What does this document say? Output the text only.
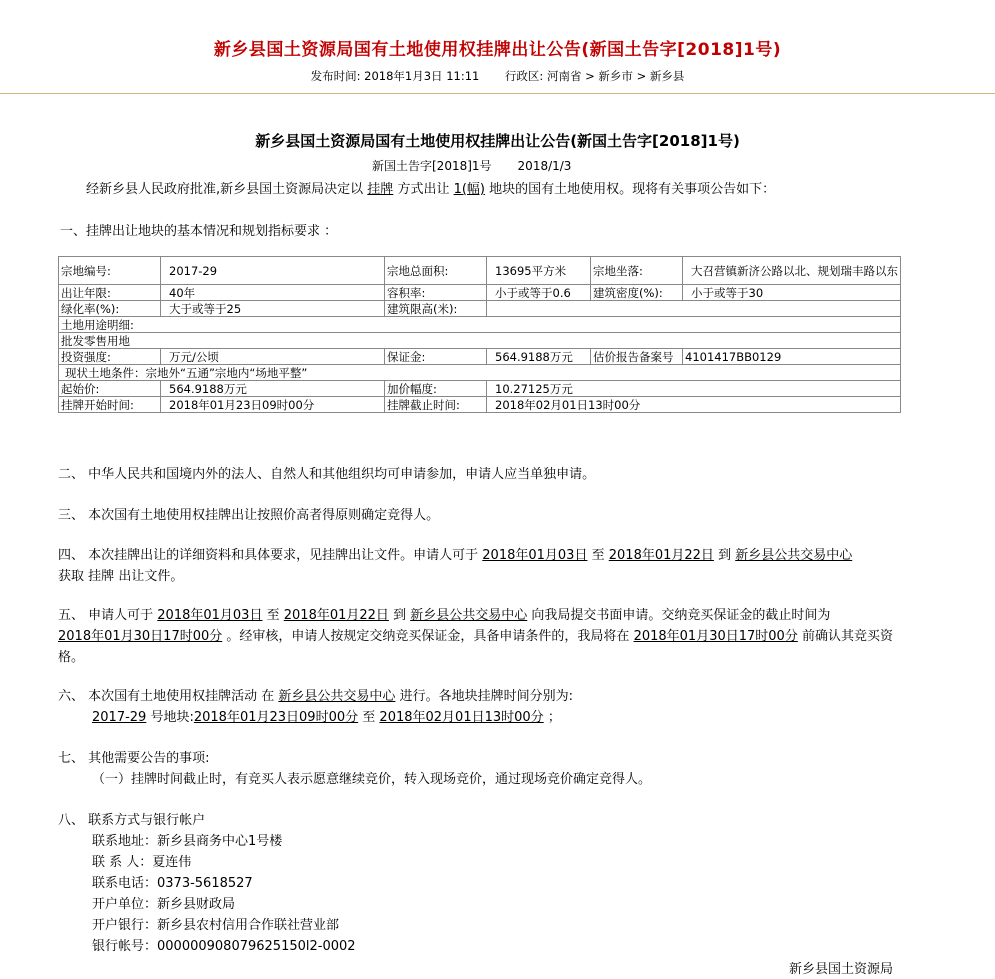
新乡县国土资源局国有土地使用权挂牌出让公告(新国土告字[2018]1号)
发布时间: 2018年1月3日 11:11 行政区: 河南省 > 新乡市 > 新乡县
新乡县国土资源局国有土地使用权挂牌出让公告(新国土告字[2018]1号)
新国土告字[2018]1号 2018/1/3
经新乡县人民政府批准,新乡县国土资源局决定以 挂牌 方式出让 1(幅) 地块的国有土地使用权。现将有关事项公告如下：
一、挂牌出让地块的基本情况和规划指标要求 ：
宗地编号:	2017-29	宗地总面积:	13695平方米	宗地坐落:	大召营镇新济公路以北、规划瑞丰路以东
出让年限:	40年	容积率:	小于或等于0.6	建筑密度(%):	小于或等于30
绿化率(%):	大于或等于25	建筑限高(米):			
土地用途明细:					
批发零售用地					
投资强度:	万元/公顷	保证金:	564.9188万元	估价报告备案号	4101417BB0129
现状土地条件：宗地外“五通”宗地内“场地平整”					
起始价:	564.9188万元	加价幅度:	10.27125万元		
挂牌开始时间:	2018年01月23日09时00分	挂牌截止时间:	2018年02月01日13时00分		
二、 中华人民共和国境内外的法人、自然人和其他组织均可申请参加，申请人应当单独申请。
三、 本次国有土地使用权挂牌出让按照价高者得原则确定竞得人。
四、 本次挂牌出让的详细资料和具体要求，见挂牌出让文件。申请人可于 2018年01月03日 至 2018年01月22日 到 新乡县公共交易中心
获取 挂牌 出让文件。
五、 申请人可于 2018年01月03日 至 2018年01月22日 到 新乡县公共交易中心 向我局提交书面申请。交纳竞买保证金的截止时间为
2018年01月30日17时00分 。经审核，申请人按规定交纳竞买保证金，具备申请条件的，我局将在 2018年01月30日17时00分 前确认其竞买资格。
六、 本次国有土地使用权挂牌活动 在 新乡县公共交易中心 进行。各地块挂牌时间分别为:
2017-29 号地块:2018年01月23日09时00分 至 2018年02月01日13时00分 ；
七、 其他需要公告的事项:
（一）挂牌时间截止时，有竞买人表示愿意继续竞价，转入现场竞价，通过现场竞价确定竞得人。
八、 联系方式与银行帐户
联系地址：新乡县商务中心1号楼
联 系 人：夏连伟
联系电话：0373-5618527
开户单位：新乡县财政局
开户银行：新乡县农村信用合作联社营业部
银行帐号：000000908079625150l2-0002
新乡县国土资源局
